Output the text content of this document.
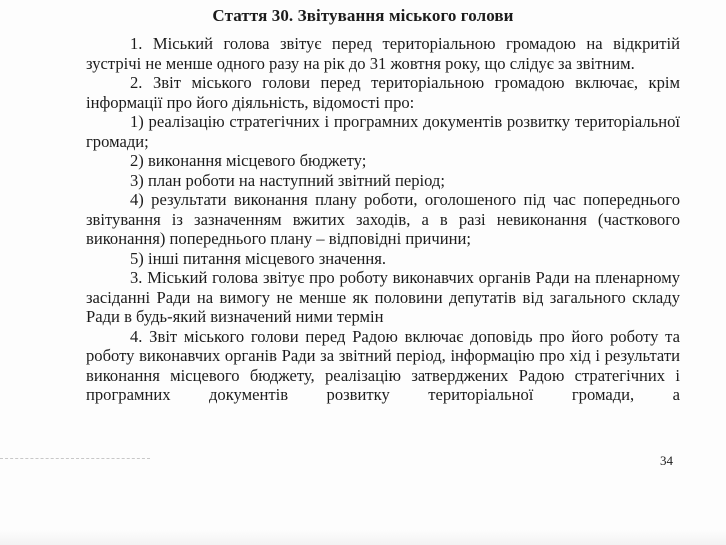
Стаття 30. Звітування міського голови

1. Міський голова звітує перед територіальною громадою на відкритій зустрічі не менше одного разу на рік до 31 жовтня року, що слідує за звітним.

2. Звіт міського голови перед територіальною громадою включає, крім інформації про його діяльність, відомості про:

1) реалізацію стратегічних і програмних документів розвитку територіальної громади;

2) виконання місцевого бюджету;

3) план роботи на наступний звітний період;

4) результати виконання плану роботи, оголошеного під час попереднього звітування із зазначенням вжитих заходів, а в разі невиконання (часткового виконання) попереднього плану – відповідні причини;

5) інші питання місцевого значення.

3. Міський голова звітує про роботу виконавчих органів Ради на пленарному засіданні Ради на вимогу не менше як половини депутатів від загального складу Ради в будь-який визначений ними термін

4. Звіт міського голови перед Радою включає доповідь про його роботу та роботу виконавчих органів Ради за звітний період, інформацію про хід і результати виконання місцевого бюджету, реалізацію затверджених Радою стратегічних і програмних документів розвитку територіальної громади, а

34
